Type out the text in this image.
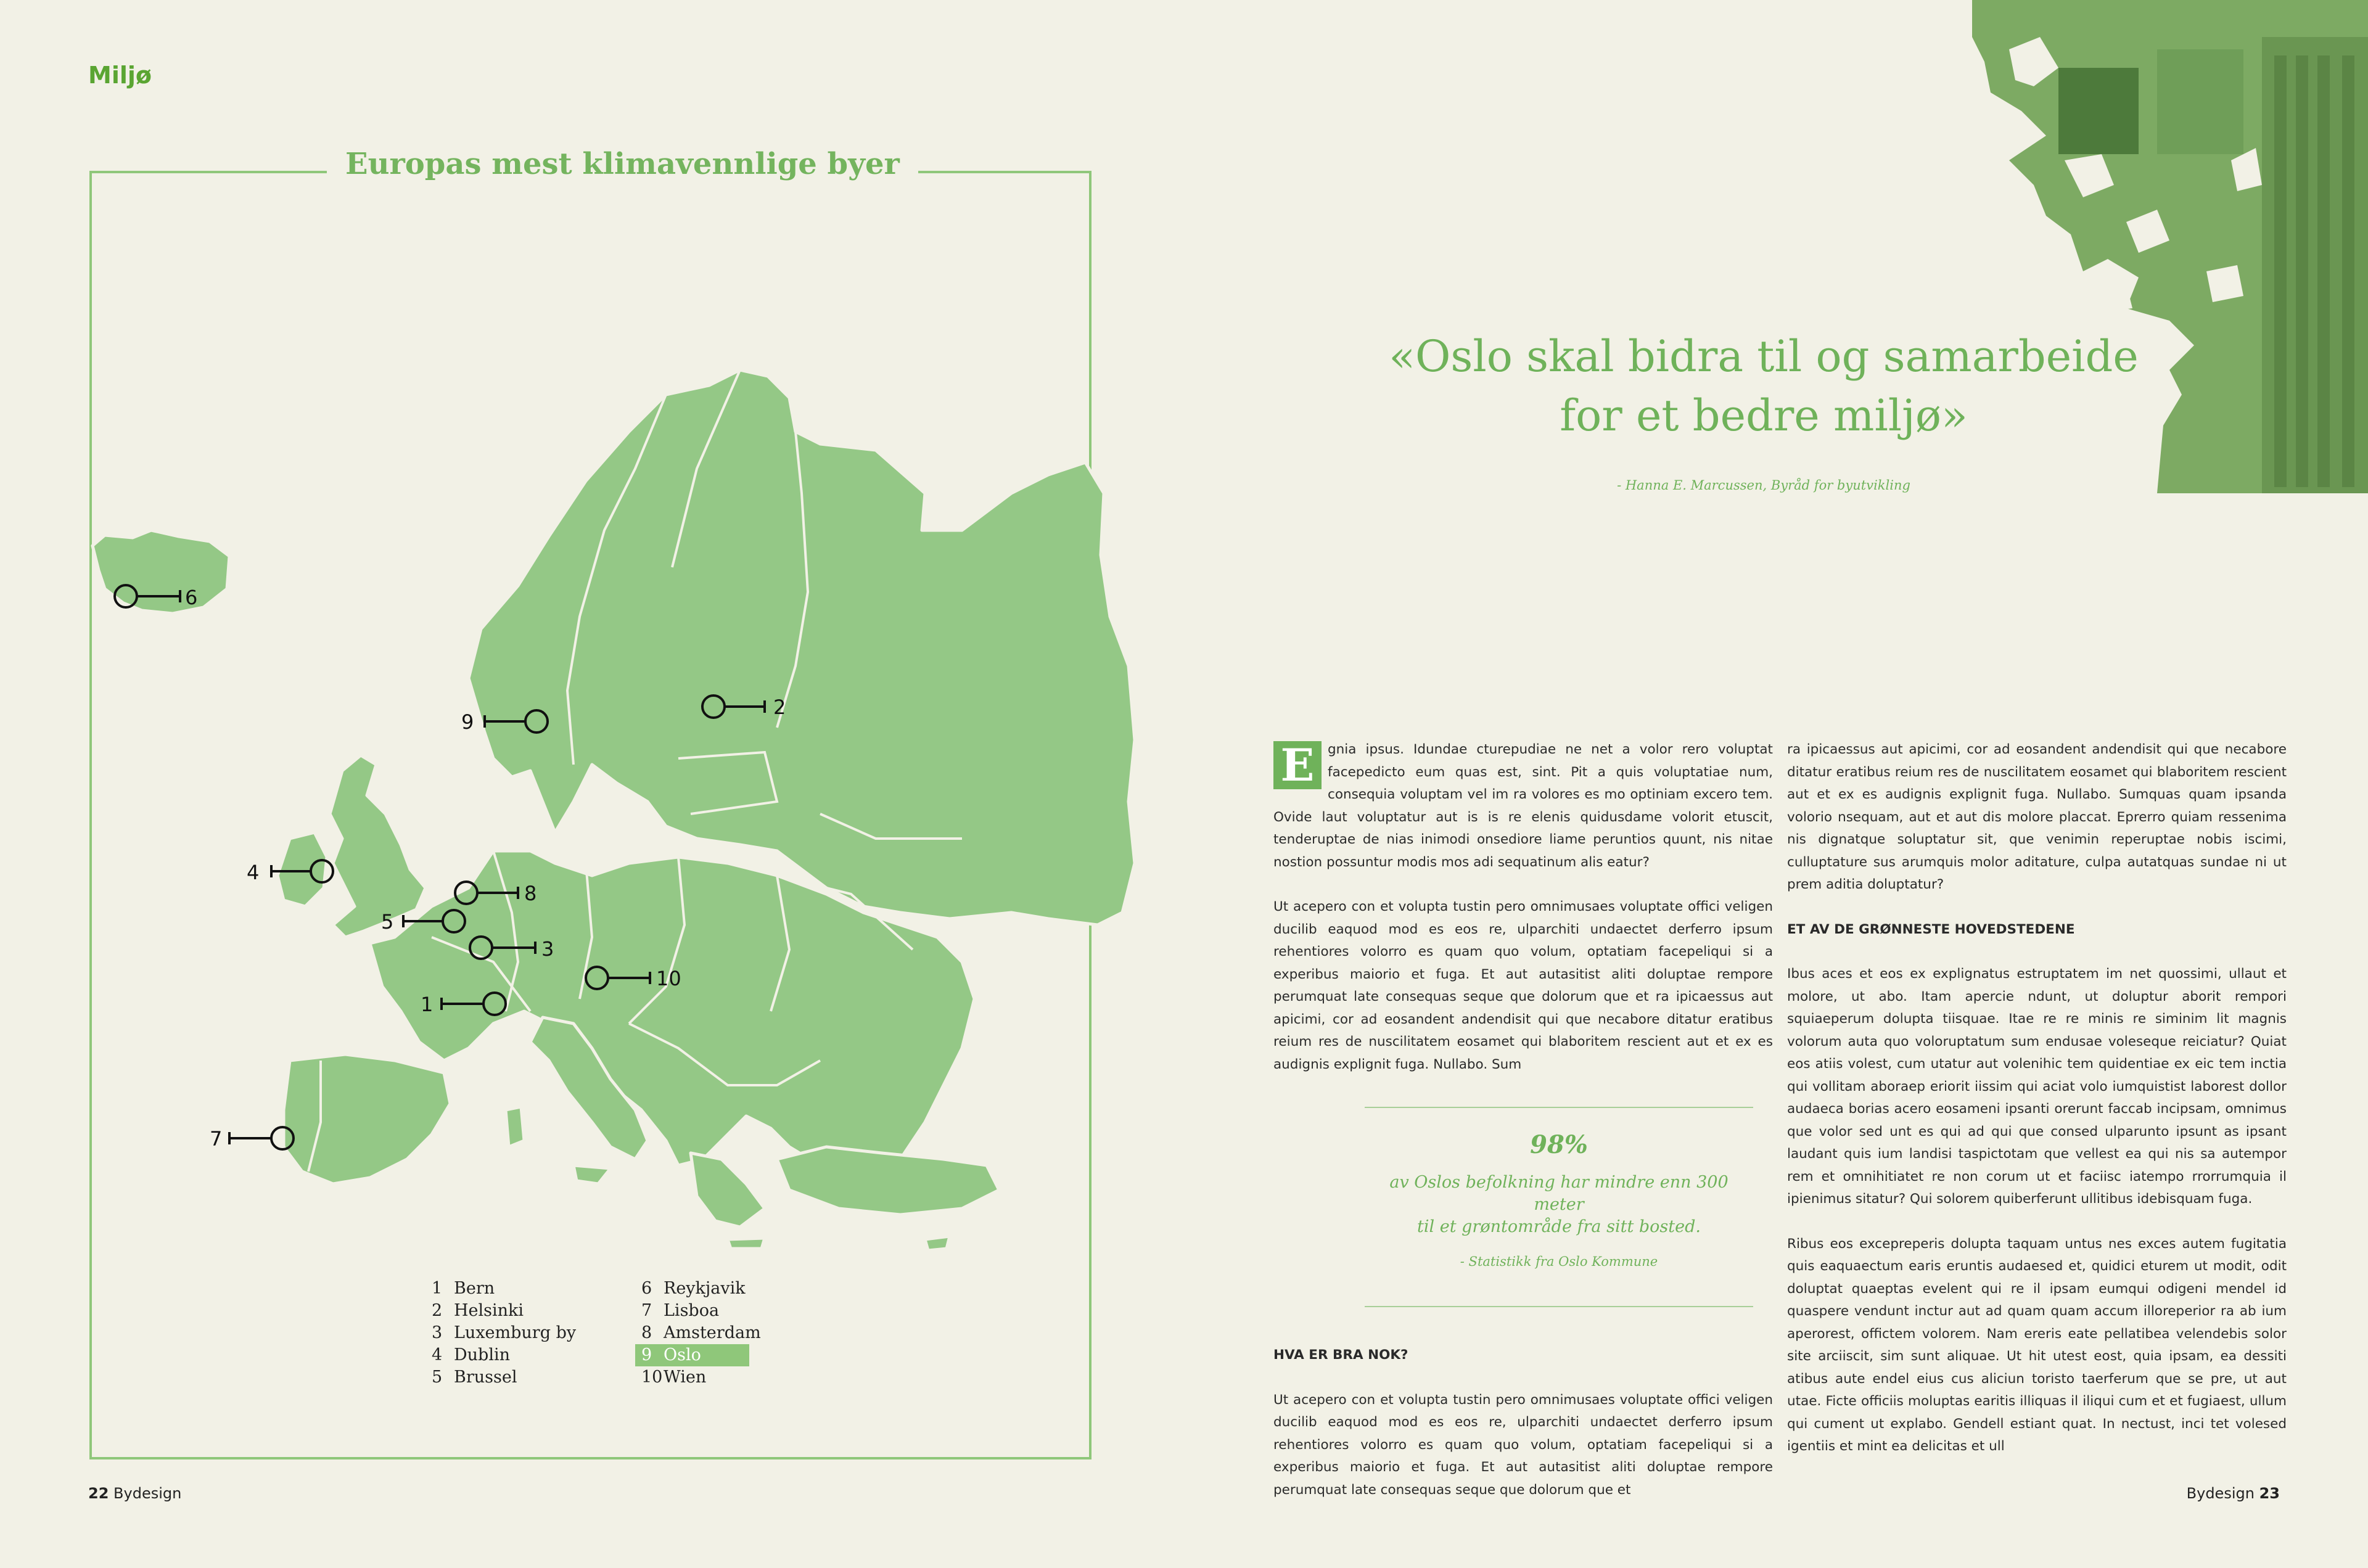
Miljø
Europas mest klimavennlige byer
1
2
3
4
5
6
7
8
9
10
1 Bern
2 Helsinki
3 Luxemburg by
4 Dublin
5 Brussel
6 Reykjavik
7 Lisboa
8 Amsterdam
9 Oslo
10Wien
22 Bydesign
«Oslo skal bidra til og samarbeide
for et bedre miljø»
- Hanna E. Marcussen, Byråd for byutvikling

E	gnia ipsus. Idundae cturepudiae ne net a volor rero voluptat facepedicto eum quas est, sint. Pit a quis voluptatiae num, consequia voluptam vel im ra volores es mo optiniam excero tem. Ovide laut voluptatur aut is is re elenis quidusdame volorit etuscit, tenderuptae de nias inimodi onsediore liame peruntios quunt, nis nitae nostion possuntur modis mos adi sequatinum alis eatur?

Ut acepero con et volupta tustin pero omnimusaes voluptate offici veligen ducilib eaquod mod es eos re, ulparchiti undaectet derferro ipsum rehentiores volorro es quam quo volum, optatiam facepeliqui si a experibus maiorio et fuga. Et aut autasitist aliti doluptae rempore perumquat late consequas seque que dolorum que et ra ipicaessus aut apicimi, cor ad eosandent andendisit qui que necabore ditatur eratibus reium res de nuscilitatem eosamet qui blaboritem rescient aut et ex es audignis explignit fuga. Nullabo. Sum

98%
av Oslos befolkning har mindre enn 300 meter
til et grøntområde fra sitt bosted.
- Statistikk fra Oslo Kommune

HVA ER BRA NOK?

Ut acepero con et volupta tustin pero omnimusaes voluptate offici veligen ducilib eaquod mod es eos re, ulparchiti undaectet derferro ipsum rehentiores volorro es quam quo volum, optatiam facepeliqui si a experibus maiorio et fuga. Et aut autasitist aliti doluptae rempore perumquat late consequas seque que dolorum que et

ra ipicaessus aut apicimi, cor ad eosandent andendisit qui que necabore ditatur eratibus reium res de nuscilitatem eosamet qui blaboritem rescient aut et ex es audignis explignit fuga. Nullabo. Sumquas quam ipsanda volorio nsequam, aut et aut dis molore placcat. Eprerro quiam ressenima nis dignatque soluptatur sit, que venimin reperuptae nobis iscimi, culluptature sus arumquis molor aditature, culpa autatquas sundae ni ut prem aditia doluptatur?

ET AV DE GRØNNESTE HOVEDSTEDENE

Ibus aces et eos ex explignatus estruptatem im net quossimi, ullaut et molore, ut abo. Itam apercie ndunt, ut doluptur aborit rempori squiaeperum dolupta tiisquae. Itae re re minis re siminim lit magnis volorum auta quo voloruptatum sum endusae voleseque reiciatur? Quiat eos atiis volest, cum utatur aut volenihic tem quidentiae ex eic tem inctia qui vollitam aboraep eriorit iissim qui aciat volo iumquistist laborest dollor audaeca borias acero eosameni ipsanti orerunt faccab incipsam, omnimus que volor sed unt es qui ad qui que consed ulparunto ipsunt as ipsant laudant quis ium landisi taspictotam que vellest ea qui nis sa autempor rem et omnihitiatet re non corum ut et faciisc iatempo rrorrumquia il ipienimus sitatur? Qui solorem quiberferunt ullitibus idebisquam fuga.

Ribus eos excepreperis dolupta taquam untus nes exces autem fugitatia quis eaquaectum earis eruntis audaesed et, quidici eturem ut modit, odit doluptat quaeptas evelent qui re il ipsam eumqui odigeni mendel id quaspere vendunt inctur aut ad quam quam accum illoreperior ra ab ium aperorest, offictem volorem. Nam ereris eate pellatibea velendebis solor site arciiscit, sim sunt aliquae. Ut hit utest eost, quia ipsam, ea dessiti atibus aute endel eius cus aliciun toristo taerferum que se pre, ut aut utae. Ficte officiis moluptas earitis illiquas il iliqui cum et et fugiaest, ullum qui cument ut explabo. Gendell estiant quat. In nectust, inci tet volesed igentiis et mint ea delicitas et ull

Bydesign 23
